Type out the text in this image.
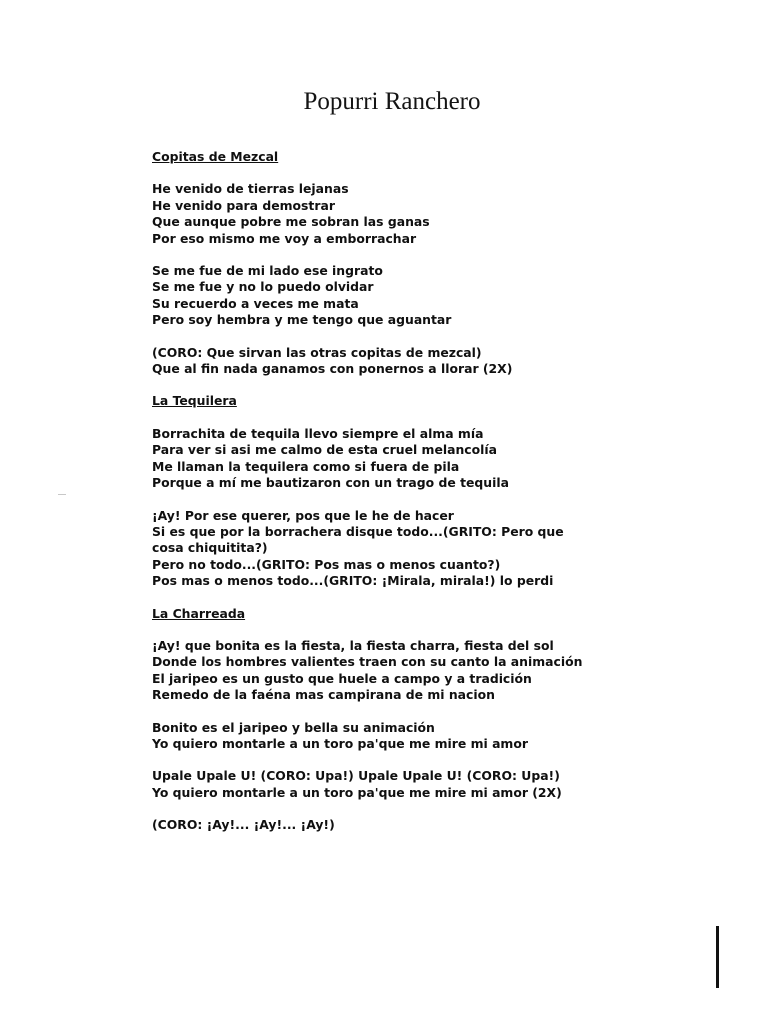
Popurri Ranchero

Copitas de Mezcal

He venido de tierras lejanas
He venido para demostrar
Que aunque pobre me sobran las ganas
Por eso mismo me voy a emborrachar
Se me fue de mi lado ese ingrato
Se me fue y no lo puedo olvidar
Su recuerdo a veces me mata
Pero soy hembra y me tengo que aguantar
(CORO: Que sirvan las otras copitas de mezcal)
Que al fin nada ganamos con ponernos a llorar (2X)

La Tequilera

Borrachita de tequila llevo siempre el alma mía
Para ver si asi me calmo de esta cruel melancolía
Me llaman la tequilera como si fuera de pila
Porque a mí me bautizaron con un trago de tequila
¡Ay! Por ese querer, pos que le he de hacer
Si es que por la borrachera disque todo...(GRITO: Pero que cosa chiquitita?)
Pero no todo...(GRITO: Pos mas o menos cuanto?)
Pos mas o menos todo...(GRITO: ¡Mirala, mirala!) lo perdi

La Charreada

¡Ay! que bonita es la fiesta, la fiesta charra, fiesta del sol
Donde los hombres valientes traen con su canto la animación
El jaripeo es un gusto que huele a campo y a tradición
Remedo de la faéna mas campirana de mi nacion
Bonito es el jaripeo y bella su animación
Yo quiero montarle a un toro pa'que me mire mi amor
Upale Upale U! (CORO: Upa!) Upale Upale U! (CORO: Upa!)
Yo quiero montarle a un toro pa'que me mire mi amor (2X)
(CORO: ¡Ay!... ¡Ay!... ¡Ay!)
